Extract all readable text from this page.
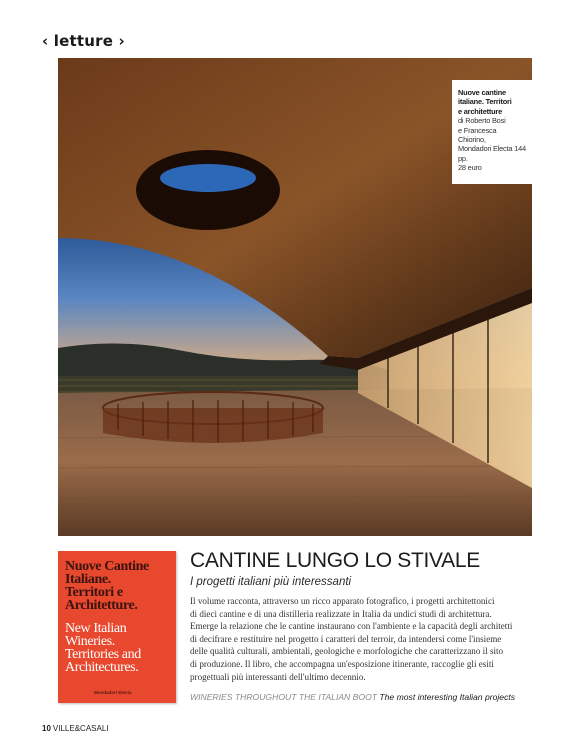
‹ letture ›
Nuove cantine
italiane. Territori
e architetture
di Roberto Bosi
e Francesca Chiorino,
Mondadori Electa 144 pp.
28 euro
Nuove Cantine
Italiane.
Territori e
Architetture.
New Italian
Wineries.
Territories and
Architectures.
Mondadori Electa
CANTINE LUNGO LO STIVALE
I progetti italiani più interessanti
Il volume racconta, attraverso un ricco apparato fotografico, i progetti architettonici
di dieci cantine e di una distilleria realizzate in Italia da undici studi di architettura.
Emerge la relazione che le cantine instaurano con l'ambiente e la capacità degli architetti
di decifrare e restituire nel progetto i caratteri del terroir, da intendersi come l'insieme
delle qualità culturali, ambientali, geologiche e morfologiche che caratterizzano il sito
di produzione. Il libro, che accompagna un'esposizione itinerante, raccoglie gli esiti
progettuali più interessanti dell'ultimo decennio.
WINERIES THROUGHOUT THE ITALIAN BOOT The most interesting Italian projects
10 VILLE&CASALI
